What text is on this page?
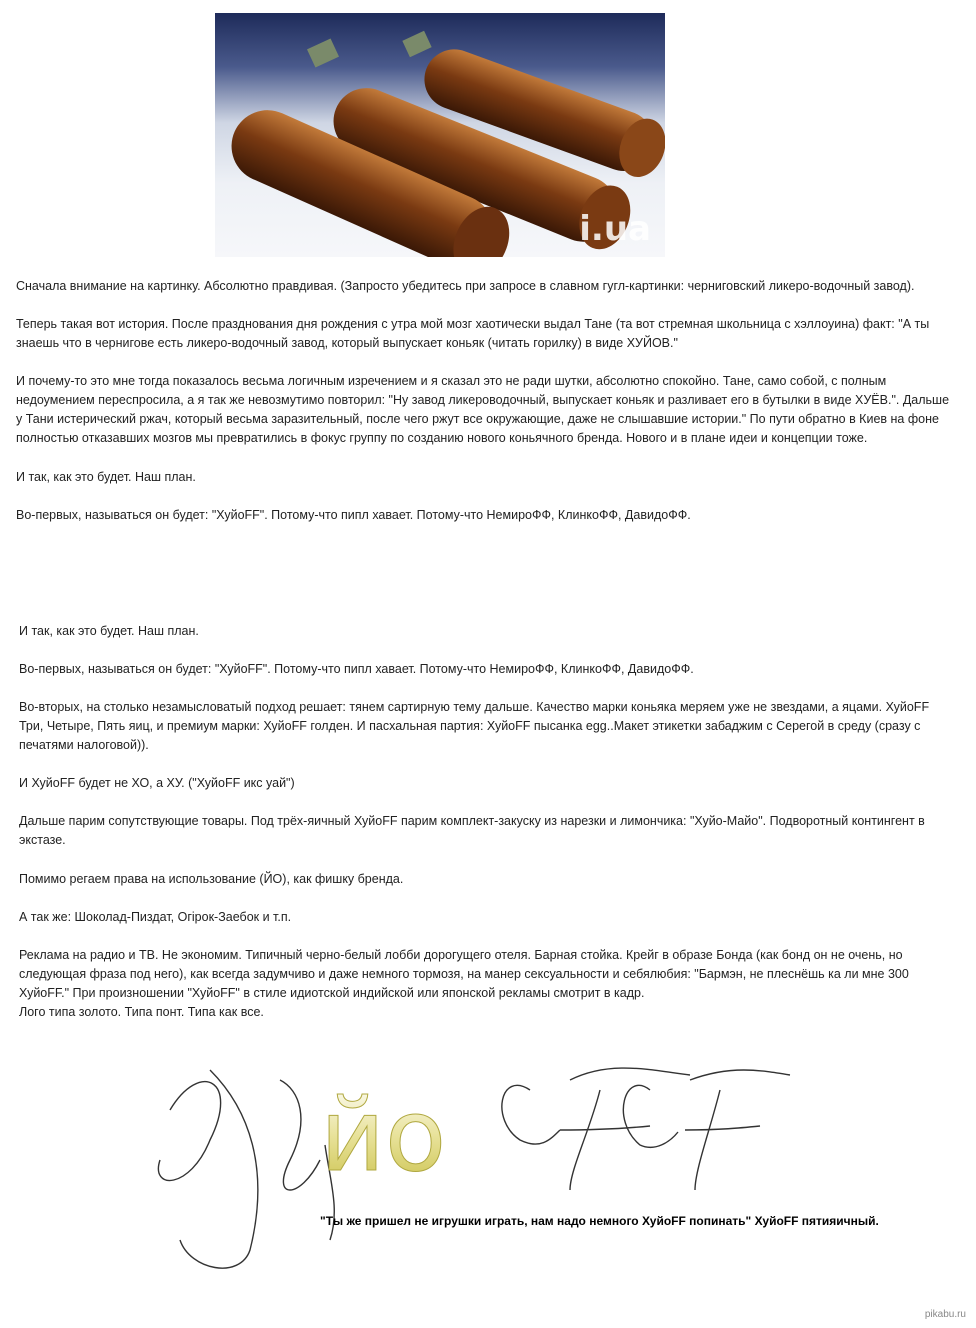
i.ua
Сначала внимание на картинку. Абсолютно правдивая. (Запросто убедитесь при запросе в славном гугл-картинки: черниговский ликеро-водочный завод).
Теперь такая вот история. После празднования дня рождения с утра мой мозг хаотически выдал Тане (та вот стремная школьница с хэллоуина) факт: "А ты
знаешь что в чернигове есть ликеро-водочный завод, который выпускает коньяк (читать горилку) в виде ХУЙОВ."
И почему-то это мне тогда показалось весьма логичным изречением и я сказал это не ради шутки, абсолютно спокойно. Тане, само собой, с полным
недоумением переспросила, а я так же невозмутимо повторил: "Ну завод ликероводочный, выпускает коньяк и разливает его в бутылки в виде ХУЁВ.". Дальше
у Тани истерический ржач, который весьма заразительный, после чего ржут все окружающие, даже не слышавшие истории." По пути обратно в Киев на фоне
полностью отказавших мозгов мы превратились в фокус группу по созданию нового коньячного бренда. Нового и в плане идеи и концепции тоже.
И так, как это будет. Наш план.
Во-первых, называться он будет: "ХуйоFF". Потому-что пипл хавает. Потому-что НемироФФ, КлинкоФФ, ДавидоФФ.
И так, как это будет. Наш план.
Во-первых, называться он будет: "ХуйоFF". Потому-что пипл хавает. Потому-что НемироФФ, КлинкоФФ, ДавидоФФ.
Во-вторых, на столько незамысловатый подход решает: тянем сартирную тему дальше. Качество марки коньяка меряем уже не звездами, а яцами. ХуйоFF
Три, Четыре, Пять яиц, и премиум марки: ХуйоFF голден. И пасхальная партия: ХуйоFF пысанка egg..Макет этикетки забаджим с Серегой в среду (сразу с
печатями налоговой)).
И ХуйоFF будет не ХО, а ХУ. ("ХуйоFF икс уай")
Дальше парим сопутствующие товары. Под трёх-яичный ХуйоFF парим комплект-закуску из нарезки и лимончика: "Хуйо-Майо". Подворотный контингент в
экстазе.
Помимо регаем права на использование (ЙО), как фишку бренда.
А так же: Шоколад-Пиздат, Огірок-Заебок и т.п.
Реклама на радио и ТВ. Не экономим. Типичный черно-белый лобби дорогущего отеля. Барная стойка. Крейг в образе Бонда (как бонд он не очень, но
следующая фраза под него), как всегда задумчиво и даже немного тормозя, на манер сексуальности и себялюбия: "Бармэн, не плеснёшь ка ли мне 300
ХуйоFF." При произношении "ХуйоFF" в стиле идиотской индийской или японской рекламы смотрит в кадр.
Лого типа золото. Типа понт. Типа как все.
йо
"Ты же пришел не игрушки играть, нам надо немного ХуйоFF попинать" ХуйоFF пятияичный.
pikabu.ru
